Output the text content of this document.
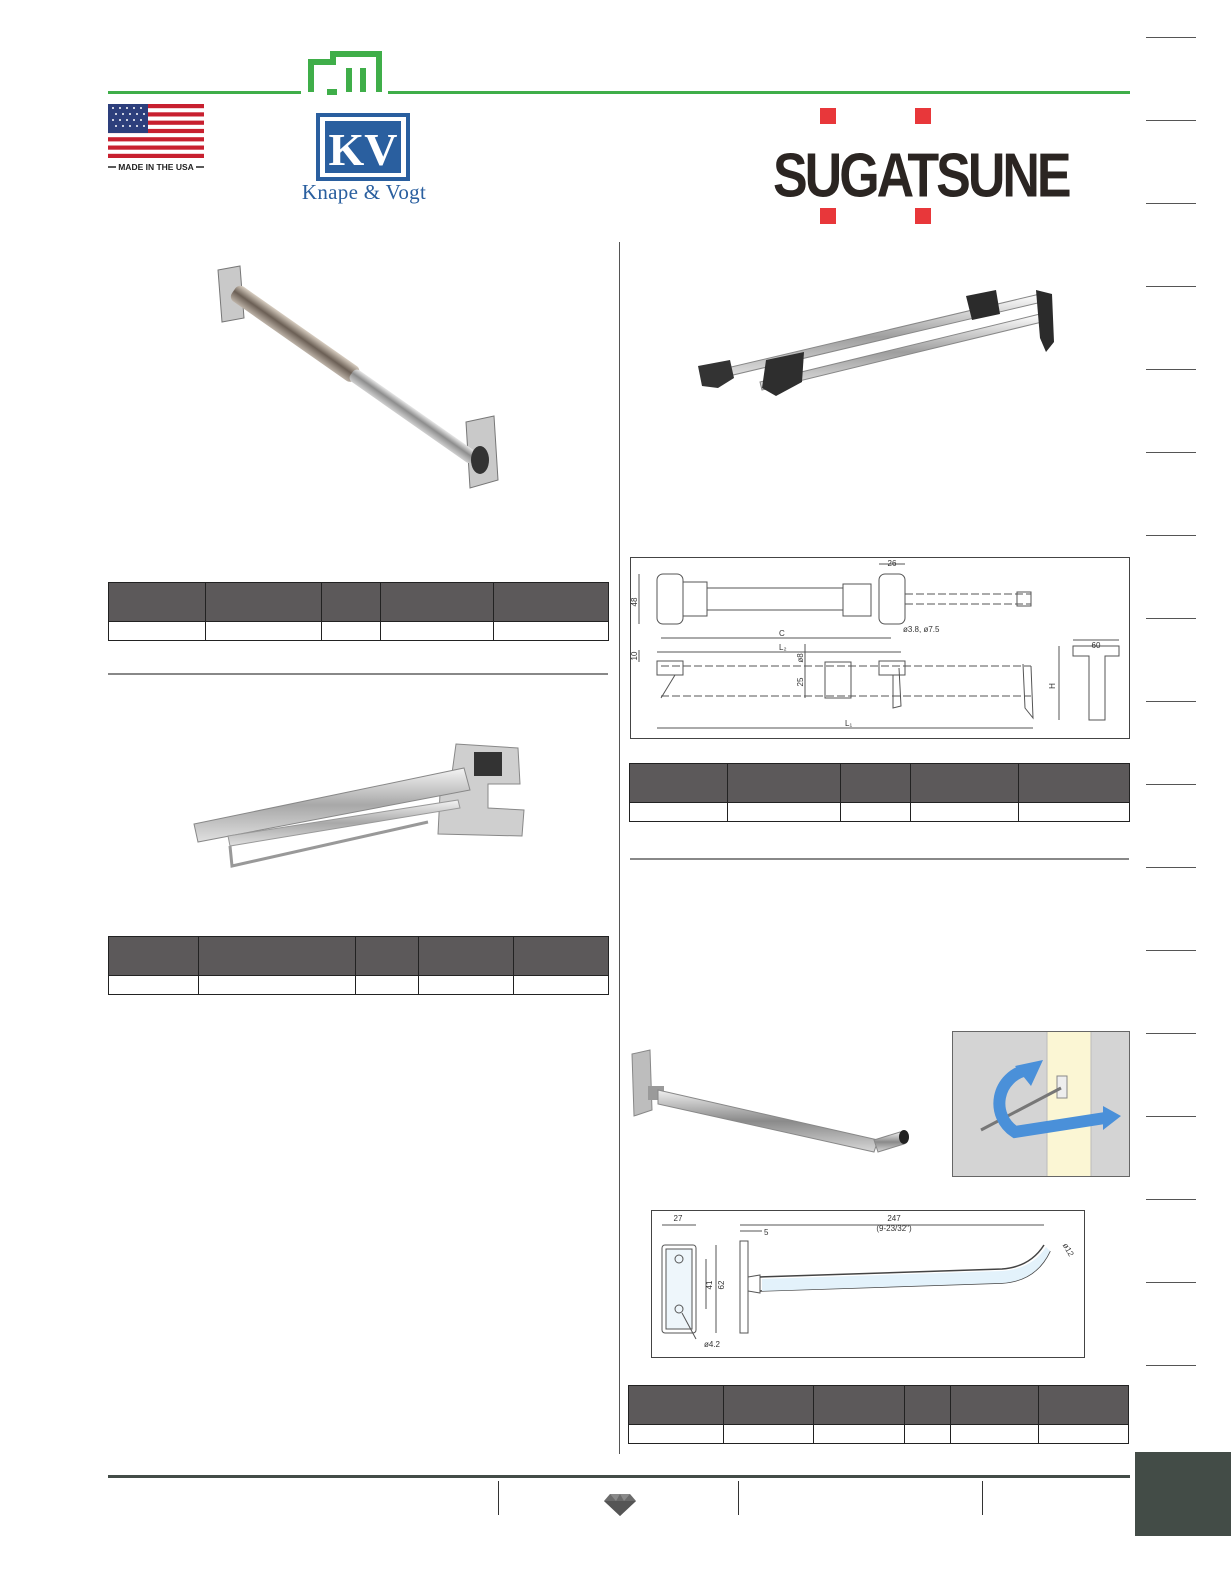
MADE IN THE USA	KV
Knape & Vogt	SUGATSUNE

26
48
ø3.8, ø7.5
C
L₂
10	ø8
25	H
60
L₁

27
5
247
(9-23/32")
ø12
41 62
ø4.2
